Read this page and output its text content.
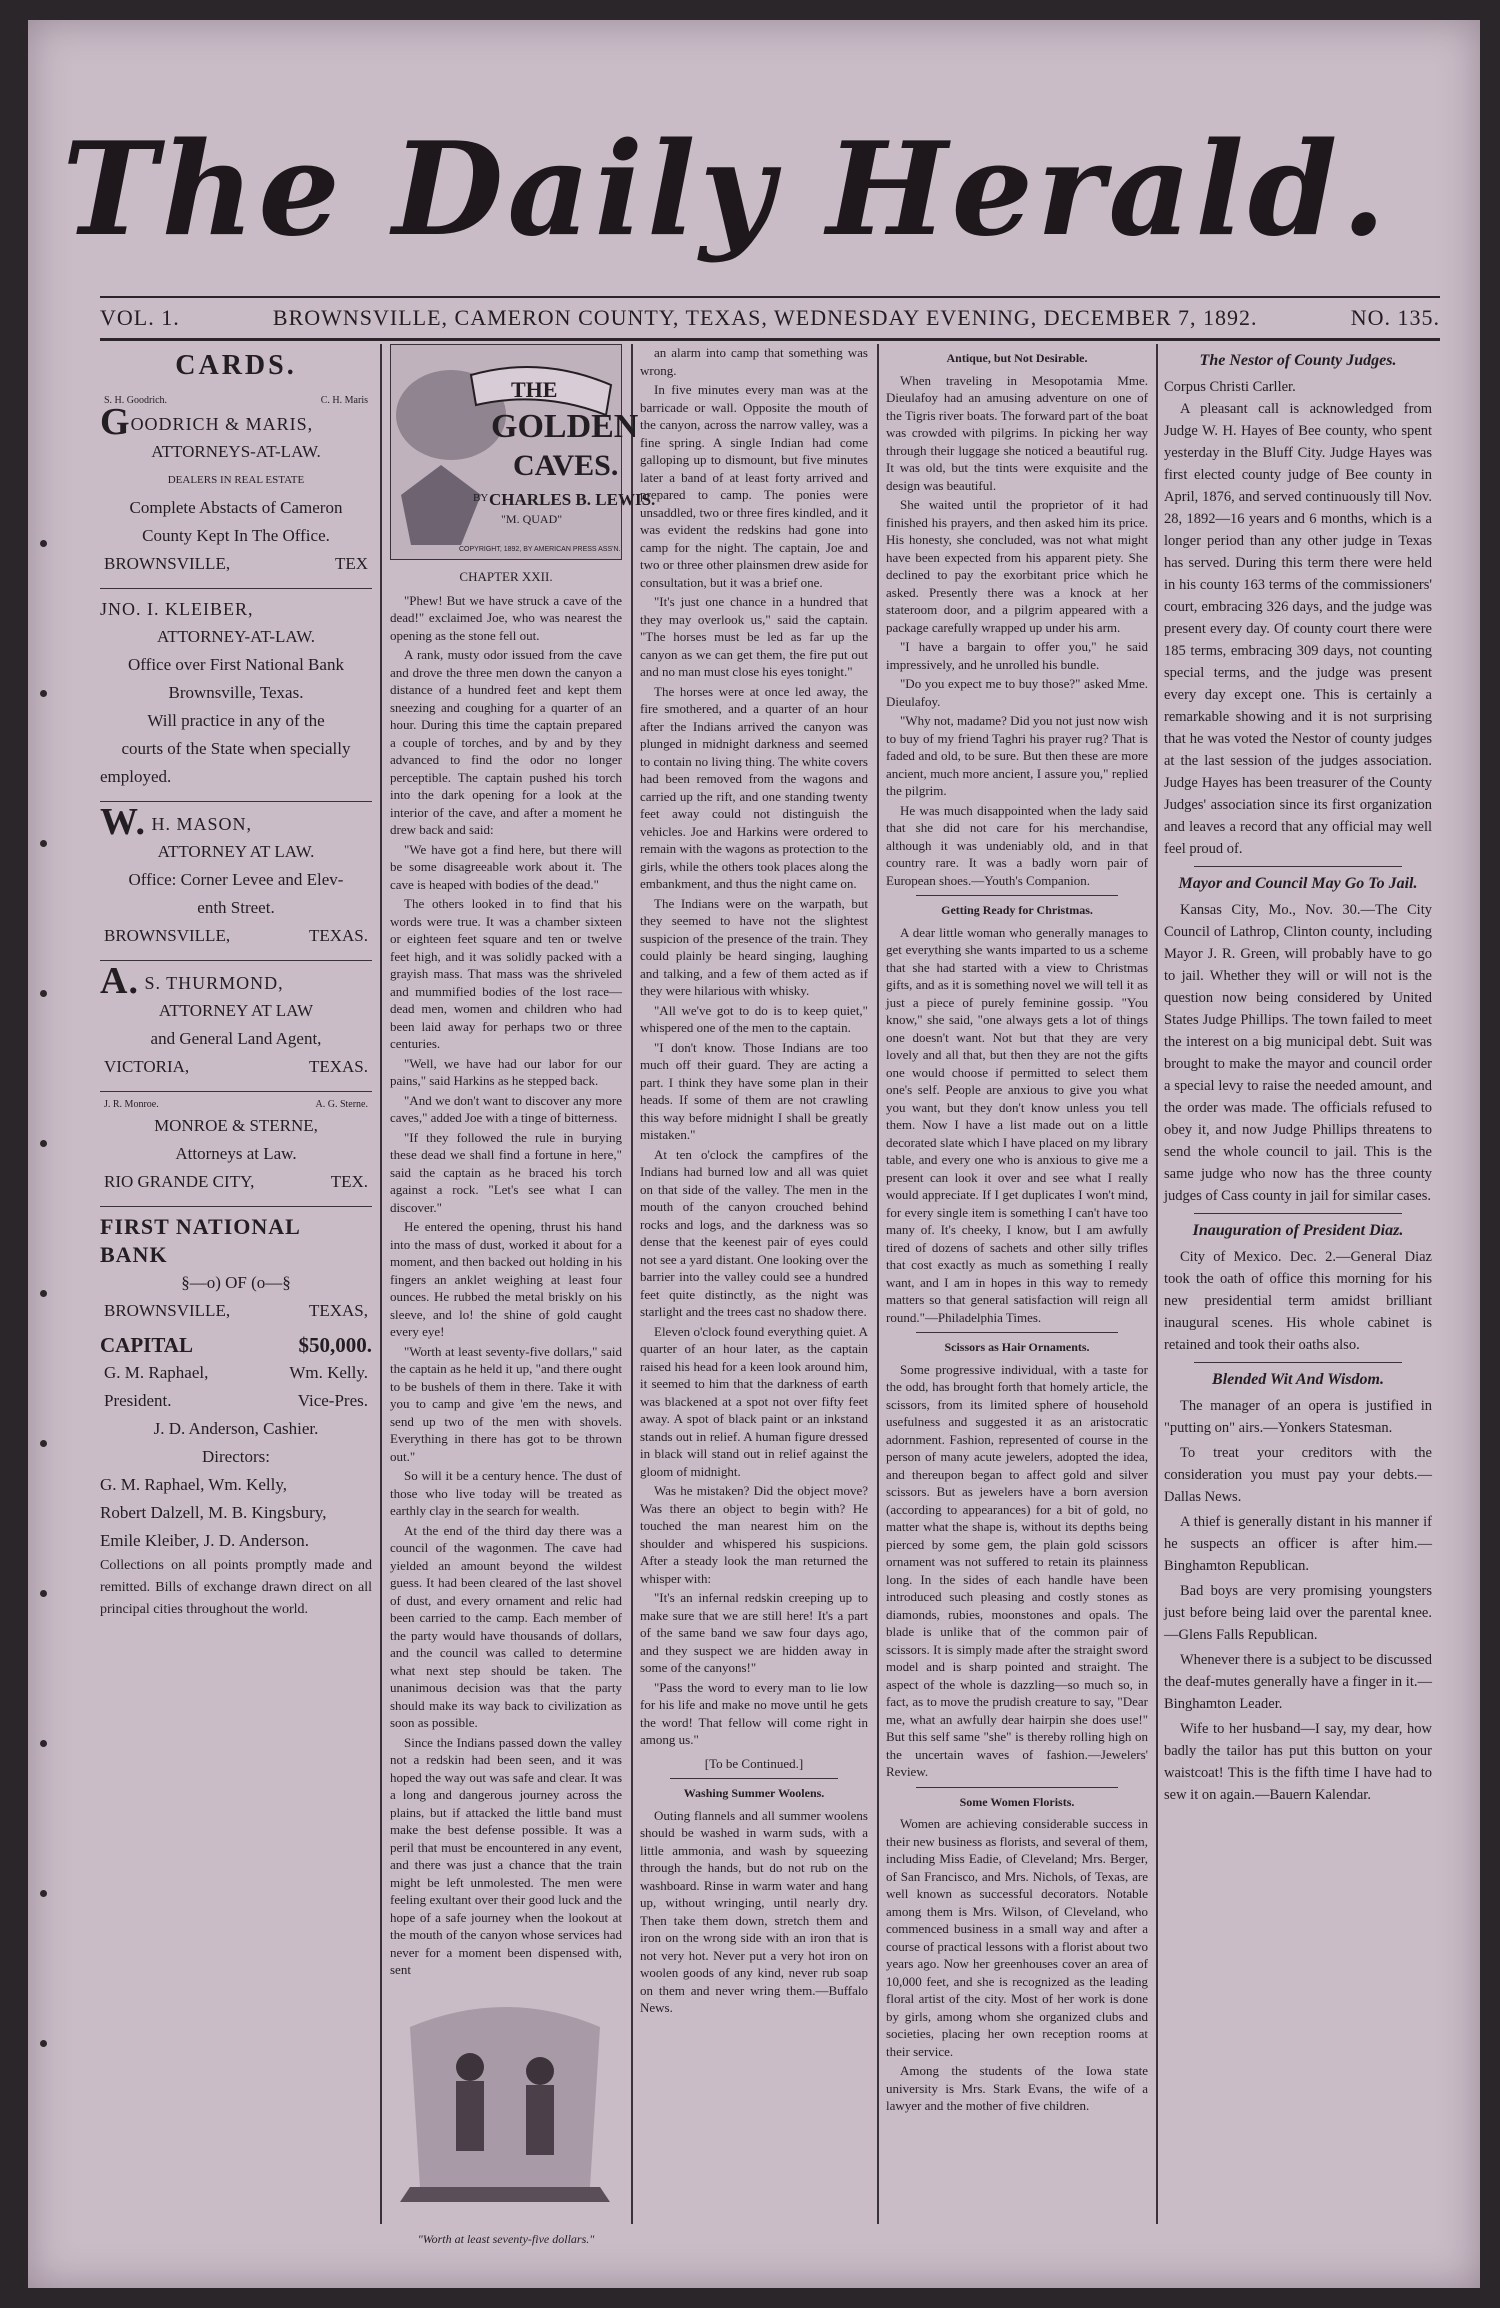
The Daily Herald.
VOL. 1.	BROWNSVILLE, CAMERON COUNTY, TEXAS, WEDNESDAY EVENING, DECEMBER 7, 1892.	NO. 135.
CARDS.
S. H. Goodrich.	C. H. Maris
GOODRICH & MARIS,
ATTORNEYS-AT-LAW.
DEALERS IN REAL ESTATE
Complete Abstacts of Cameron
County Kept In The Office.
BROWNSVILLE,	TEX
JNO. I. KLEIBER,
ATTORNEY-AT-LAW.
Office over First National Bank
Brownsville, Texas.
Will practice in any of the
courts of the State when specially
employed.
W. H. MASON,
ATTORNEY AT LAW.
Office: Corner Levee and Elev-
enth Street.
BROWNSVILLE,	TEXAS.
A. S. THURMOND,
ATTORNEY AT LAW
and General Land Agent,
VICTORIA,	TEXAS.
J. R. Monroe.	A. G. Sterne.
MONROE & STERNE,
Attorneys at Law.
RIO GRANDE CITY,	TEX.
FIRST NATIONAL BANK
§—o) OF (o—§
BROWNSVILLE,	TEXAS,
CAPITAL	$50,000.
G. M. Raphael,	Wm. Kelly.
President.	Vice-Pres.
J. D. Anderson, Cashier.
Directors:
G. M. Raphael, Wm. Kelly,
Robert Dalzell, M. B. Kingsbury,
Emile Kleiber, J. D. Anderson.
Collections on all points promptly made and remitted. Bills of exchange drawn direct on all principal cities throughout the world.
THE
GOLDEN
CAVES.
BY CHARLES B. LEWIS.
"M. QUAD"
COPYRIGHT, 1892, BY AMERICAN PRESS ASS'N.
CHAPTER XXII.

"Phew! But we have struck a cave of the dead!" exclaimed Joe, who was nearest the opening as the stone fell out.

A rank, musty odor issued from the cave and drove the three men down the canyon a distance of a hundred feet and kept them sneezing and coughing for a quarter of an hour. During this time the captain prepared a couple of torches, and by and by they advanced to find the odor no longer perceptible. The captain pushed his torch into the dark opening for a look at the interior of the cave, and after a moment he drew back and said:

"We have got a find here, but there will be some disagreeable work about it. The cave is heaped with bodies of the dead."

The others looked in to find that his words were true. It was a chamber sixteen or eighteen feet square and ten or twelve feet high, and it was solidly packed with a grayish mass. That mass was the shriveled and mummified bodies of the lost race—dead men, women and children who had been laid away for perhaps two or three centuries.

"Well, we have had our labor for our pains," said Harkins as he stepped back.

"And we don't want to discover any more caves," added Joe with a tinge of bitterness.

"If they followed the rule in burying these dead we shall find a fortune in here," said the captain as he braced his torch against a rock. "Let's see what I can discover."

He entered the opening, thrust his hand into the mass of dust, worked it about for a moment, and then backed out holding in his fingers an anklet weighing at least four ounces. He rubbed the metal briskly on his sleeve, and lo! the shine of gold caught every eye!

"Worth at least seventy-five dollars," said the captain as he held it up, "and there ought to be bushels of them in there. Take it with you to camp and give 'em the news, and send up two of the men with shovels. Everything in there has got to be thrown out."

So will it be a century hence. The dust of those who live today will be treated as earthly clay in the search for wealth.

At the end of the third day there was a council of the wagonmen. The cave had yielded an amount beyond the wildest guess. It had been cleared of the last shovel of dust, and every ornament and relic had been carried to the camp. Each member of the party would have thousands of dollars, and the council was called to determine what next step should be taken. The unanimous decision was that the party should make its way back to civilization as soon as possible.

Since the Indians passed down the valley not a redskin had been seen, and it was hoped the way out was safe and clear. It was a long and dangerous journey across the plains, but if attacked the little band must make the best defense possible. It was a peril that must be encountered in any event, and there was just a chance that the train might be left unmolested. The men were feeling exultant over their good luck and the hope of a safe journey when the lookout at the mouth of the canyon whose services had never for a moment been dispensed with, sent

"Worth at least seventy-five dollars."

an alarm into camp that something was wrong.

In five minutes every man was at the barricade or wall. Opposite the mouth of the canyon, across the narrow valley, was a fine spring. A single Indian had come galloping up to dismount, but five minutes later a band of at least forty arrived and prepared to camp. The ponies were unsaddled, two or three fires kindled, and it was evident the redskins had gone into camp for the night. The captain, Joe and two or three other plainsmen drew aside for consultation, but it was a brief one.

"It's just one chance in a hundred that they may overlook us," said the captain. "The horses must be led as far up the canyon as we can get them, the fire put out and no man must close his eyes tonight."

The horses were at once led away, the fire smothered, and a quarter of an hour after the Indians arrived the canyon was plunged in midnight darkness and seemed to contain no living thing. The white covers had been removed from the wagons and carried up the rift, and one standing twenty feet away could not distinguish the vehicles. Joe and Harkins were ordered to remain with the wagons as protection to the girls, while the others took places along the embankment, and thus the night came on.

The Indians were on the warpath, but they seemed to have not the slightest suspicion of the presence of the train. They could plainly be heard singing, laughing and talking, and a few of them acted as if they were hilarious with whisky.

"All we've got to do is to keep quiet," whispered one of the men to the captain.

"I don't know. Those Indians are too much off their guard. They are acting a part. I think they have some plan in their heads. If some of them are not crawling this way before midnight I shall be greatly mistaken."

At ten o'clock the campfires of the Indians had burned low and all was quiet on that side of the valley. The men in the mouth of the canyon crouched behind rocks and logs, and the darkness was so dense that the keenest pair of eyes could not see a yard distant. One looking over the barrier into the valley could see a hundred feet quite distinctly, as the night was starlight and the trees cast no shadow there.

Eleven o'clock found everything quiet. A quarter of an hour later, as the captain raised his head for a keen look around him, it seemed to him that the darkness of earth was blackened at a spot not over fifty feet away. A spot of black paint or an inkstand stands out in relief. A human figure dressed in black will stand out in relief against the gloom of midnight.

Was he mistaken? Did the object move? Was there an object to begin with? He touched the man nearest him on the shoulder and whispered his suspicions. After a steady look the man returned the whisper with:

"It's an infernal redskin creeping up to make sure that we are still here! It's a part of the same band we saw four days ago, and they suspect we are hidden away in some of the canyons!"

"Pass the word to every man to lie low for his life and make no move until he gets the word! That fellow will come right in among us."

[To be Continued.]
Washing Summer Woolens.

Outing flannels and all summer woolens should be washed in warm suds, with a little ammonia, and wash by squeezing through the hands, but do not rub on the washboard. Rinse in warm water and hang up, without wringing, until nearly dry. Then take them down, stretch them and iron on the wrong side with an iron that is not very hot. Never put a very hot iron on woolen goods of any kind, never rub soap on them and never wring them.—Buffalo News.

Antique, but Not Desirable.

When traveling in Mesopotamia Mme. Dieulafoy had an amusing adventure on one of the Tigris river boats. The forward part of the boat was crowded with pilgrims. In picking her way through their luggage she noticed a beautiful rug. It was old, but the tints were exquisite and the design was beautiful.

She waited until the proprietor of it had finished his prayers, and then asked him its price. His honesty, she concluded, was not what might have been expected from his apparent piety. She declined to pay the exorbitant price which he asked. Presently there was a knock at her stateroom door, and a pilgrim appeared with a package carefully wrapped up under his arm.

"I have a bargain to offer you," he said impressively, and he unrolled his bundle.

"Do you expect me to buy those?" asked Mme. Dieulafoy.

"Why not, madame? Did you not just now wish to buy of my friend Taghri his prayer rug? That is faded and old, to be sure. But then these are more ancient, much more ancient, I assure you," replied the pilgrim.

He was much disappointed when the lady said that she did not care for his merchandise, although it was undeniably old, and in that country rare. It was a badly worn pair of European shoes.—Youth's Companion.

Getting Ready for Christmas.

A dear little woman who generally manages to get everything she wants imparted to us a scheme that she had started with a view to Christmas gifts, and as it is something novel we will tell it as just a piece of purely feminine gossip. "You know," she said, "one always gets a lot of things one doesn't want. Not but that they are very lovely and all that, but then they are not the gifts one would choose if permitted to select them one's self. People are anxious to give you what you want, but they don't know unless you tell them. Now I have a list made out on a little decorated slate which I have placed on my library table, and every one who is anxious to give me a present can look it over and see what I really would appreciate. If I get duplicates I won't mind, for every single item is something I can't have too many of. It's cheeky, I know, but I am awfully tired of dozens of sachets and other silly trifles that cost exactly as much as something I really want, and I am in hopes in this way to remedy matters so that general satisfaction will reign all round."—Philadelphia Times.

Scissors as Hair Ornaments.

Some progressive individual, with a taste for the odd, has brought forth that homely article, the scissors, from its limited sphere of household usefulness and suggested it as an aristocratic adornment. Fashion, represented of course in the person of many acute jewelers, adopted the idea, and thereupon began to affect gold and silver scissors. But as jewelers have a born aversion (according to appearances) for a bit of gold, no matter what the shape is, without its depths being pierced by some gem, the plain gold scissors ornament was not suffered to retain its plainness long. In the sides of each handle have been introduced such pleasing and costly stones as diamonds, rubies, moonstones and opals. The blade is unlike that of the common pair of scissors. It is simply made after the straight sword model and is sharp pointed and straight. The aspect of the whole is dazzling—so much so, in fact, as to move the prudish creature to say, "Dear me, what an awfully dear hairpin she does use!" But this self same "she" is thereby rolling high on the uncertain waves of fashion.—Jewelers' Review.

Some Women Florists.

Women are achieving considerable success in their new business as florists, and several of them, including Miss Eadie, of Cleveland; Mrs. Berger, of San Francisco, and Mrs. Nichols, of Texas, are well known as successful decorators. Notable among them is Mrs. Wilson, of Cleveland, who commenced business in a small way and after a course of practical lessons with a florist about two years ago. Now her greenhouses cover an area of 10,000 feet, and she is recognized as the leading floral artist of the city. Most of her work is done by girls, among whom she organized clubs and societies, placing her own reception rooms at their service.

Among the students of the Iowa state university is Mrs. Stark Evans, the wife of a lawyer and the mother of five children.

The Nestor of County Judges.
Corpus Christi Carller.

A pleasant call is acknowledged from Judge W. H. Hayes of Bee county, who spent yesterday in the Bluff City. Judge Hayes was first elected county judge of Bee county in April, 1876, and served continuously till Nov. 28, 1892—16 years and 6 months, which is a longer period than any other judge in Texas has served. During this term there were held in his county 163 terms of the commissioners' court, embracing 326 days, and the judge was present every day. Of county court there were 185 terms, embracing 309 days, not counting special terms, and the judge was present every day except one. This is certainly a remarkable showing and it is not surprising that he was voted the Nestor of county judges at the last session of the judges association. Judge Hayes has been treasurer of the County Judges' association since its first organization and leaves a record that any official may well feel proud of.

Mayor and Council May Go To Jail.

Kansas City, Mo., Nov. 30.—The City Council of Lathrop, Clinton county, including Mayor J. R. Green, will probably have to go to jail. Whether they will or will not is the question now being considered by United States Judge Phillips. The town failed to meet the interest on a big municipal debt. Suit was brought to make the mayor and council order a special levy to raise the needed amount, and the order was made. The officials refused to obey it, and now Judge Phillips threatens to send the whole council to jail. This is the same judge who now has the three county judges of Cass county in jail for similar cases.

Inauguration of President Diaz.

City of Mexico. Dec. 2.—General Diaz took the oath of office this morning for his new presidential term amidst brilliant inaugural scenes. His whole cabinet is retained and took their oaths also.

Blended Wit And Wisdom.

The manager of an opera is justified in "putting on" airs.—Yonkers Statesman.

To treat your creditors with the consideration you must pay your debts.—Dallas News.

A thief is generally distant in his manner if he suspects an officer is after him.—Binghamton Republican.

Bad boys are very promising youngsters just before being laid over the parental knee.—Glens Falls Republican.

Whenever there is a subject to be discussed the deaf-mutes generally have a finger in it.—Binghamton Leader.

Wife to her husband—I say, my dear, how badly the tailor has put this button on your waistcoat! This is the fifth time I have had to sew it on again.—Bauern Kalendar.
